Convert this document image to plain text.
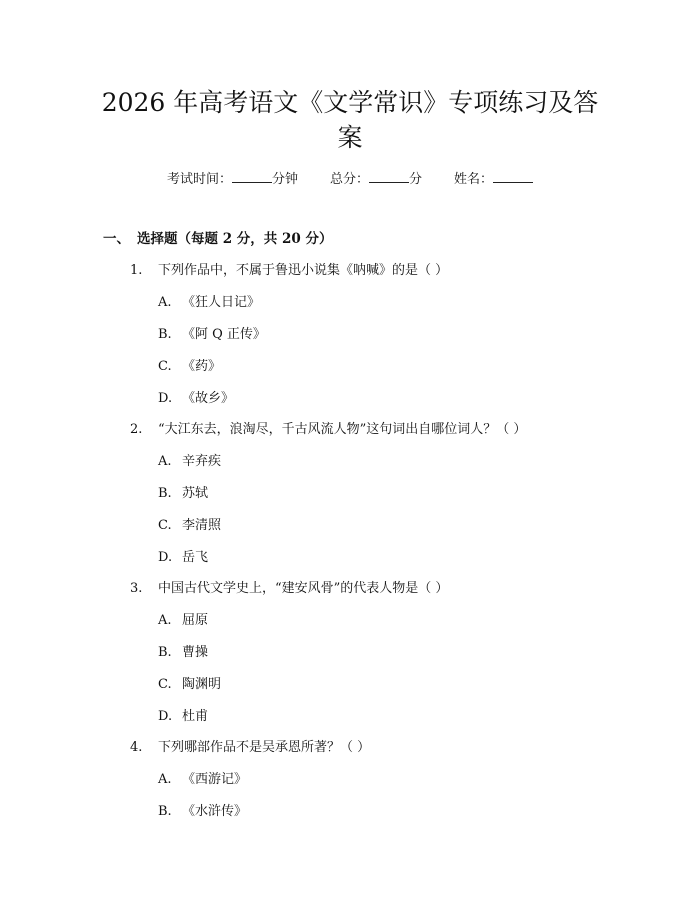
2026 年高考语文《文学常识》专项练习及答
案
考试时间：	分钟 总分：	分 姓名：
一、 选择题（每题 2 分，共 20 分）
1. 下列作品中，不属于鲁迅小说集《呐喊》的是（ ）
A. 《狂人日记》
B. 《阿 Q 正传》
C. 《药》
D. 《故乡》
2. “大江东去，浪淘尽，千古风流人物”这句词出自哪位词人？（ ）
A. 辛弃疾
B. 苏轼
C. 李清照
D. 岳飞
3. 中国古代文学史上，“建安风骨”的代表人物是（ ）
A. 屈原
B. 曹操
C. 陶渊明
D. 杜甫
4. 下列哪部作品不是吴承恩所著？（ ）
A. 《西游记》
B. 《水浒传》
